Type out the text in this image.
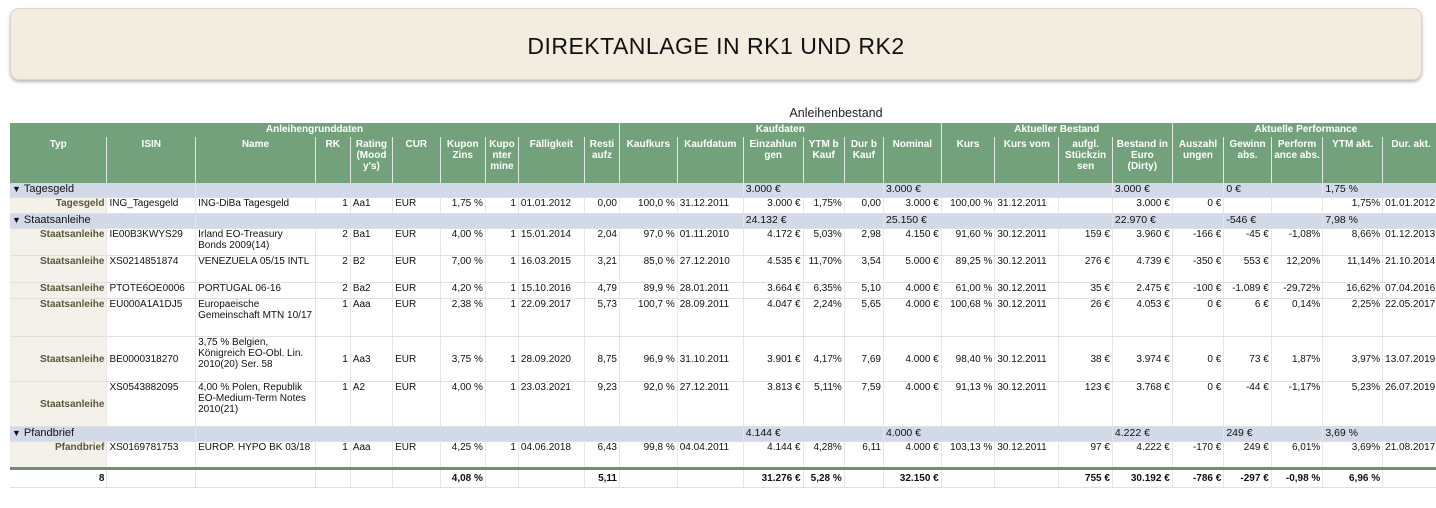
DIREKTANLAGE IN RK1 UND RK2
Anleihenbestand
Anleihengrunddaten										Kaufdaten						Aktueller Bestand				Aktuelle Performance				
Typ	ISIN	Name	RK	Rating (Mood y's)	CUR	Kupon Zins	Kupo nter mine	Fälligkeit	Resti aufz	Kaufkurs	Kaufdatum	Einzahlun gen	YTM b Kauf	Dur b Kauf	Nominal	Kurs	Kurs vom	aufgl. Stückzin sen	Bestand in Euro (Dirty)	Auszahl ungen	Gewinn abs.	Perform ance abs.	YTM akt.	Dur. akt.
▼ Tagesgeld												3.000 €			3.000 €				3.000 €		0 €		1,75 %	
Tagesgeld	ING_Tagesgeld	ING-DiBa Tagesgeld	1	Aa1	EUR	1,75 %	1	01.01.2012	0,00	100,0 %	31.12.2011	3.000 €	1,75%	0,00	3.000 €	100,00 %	31.12.2011		3.000 €	0 €			1,75%	01.01.2012
▼ Staatsanleihe												24.132 €			25.150 €				22.970 €		-546 €		7,98 %	
Staatsanleihe	IE00B3KWYS29	Irland EO-Treasury Bonds 2009(14)	2	Ba1	EUR	4,00 %	1	15.01.2014	2,04	97,0 %	01.11.2010	4.172 €	5,03%	2,98	4.150 €	91,60 %	30.12.2011	159 €	3.960 €	-166 €	-45 €	-1,08%	8,66%	01.12.2013
Staatsanleihe	XS0214851874	VENEZUELA 05/15 INTL	2	B2	EUR	7,00 %	1	16.03.2015	3,21	85,0 %	27.12.2010	4.535 €	11,70%	3,54	5.000 €	89,25 %	30.12.2011	276 €	4.739 €	-350 €	553 €	12,20%	11,14%	21.10.2014
Staatsanleihe	PTOTE6OE0006	PORTUGAL 06-16	2	Ba2	EUR	4,20 %	1	15.10.2016	4,79	89,9 %	28.01.2011	3.664 €	6,35%	5,10	4.000 €	61,00 %	30.12.2011	35 €	2.475 €	-100 €	-1.089 €	-29,72%	16,62%	07.04.2016
Staatsanleihe	EU000A1A1DJ5	Europaeische Gemeinschaft MTN 10/17	1	Aaa	EUR	2,38 %	1	22.09.2017	5,73	100,7 %	28.09.2011	4.047 €	2,24%	5,65	4.000 €	100,68 %	30.12.2011	26 €	4.053 €	0 €	6 €	0,14%	2,25%	22.05.2017
Staatsanleihe	BE0000318270	3,75 % Belgien, Königreich EO-Obl. Lin. 2010(20) Ser. 58	1	Aa3	EUR	3,75 %	1	28.09.2020	8,75	96,9 %	31.10.2011	3.901 €	4,17%	7,69	4.000 €	98,40 %	30.12.2011	38 €	3.974 €	0 €	73 €	1,87%	3,97%	13.07.2019
Staatsanleihe	XS0543882095	4,00 % Polen, Republik EO-Medium-Term Notes 2010(21)	1	A2	EUR	4,00 %	1	23.03.2021	9,23	92,0 %	27.12.2011	3.813 €	5,11%	7,59	4.000 €	91,13 %	30.12.2011	123 €	3.768 €	0 €	-44 €	-1,17%	5,23%	26.07.2019
▼ Pfandbrief												4.144 €			4.000 €				4.222 €		249 €		3,69 %	
Pfandbrief	XS0169781753	EUROP. HYPO BK 03/18	1	Aaa	EUR	4,25 %	1	04.06.2018	6,43	99,8 %	04.04.2011	4.144 €	4,28%	6,11	4.000 €	103,13 %	30.12.2011	97 €	4.222 €	-170 €	249 €	6,01%	3,69%	21.08.2017
8						4,08 %			5,11			31.276 €	5,28 %		32.150 €			755 €	30.192 €	-786 €	-297 €	-0,98 %	6,96 %	
